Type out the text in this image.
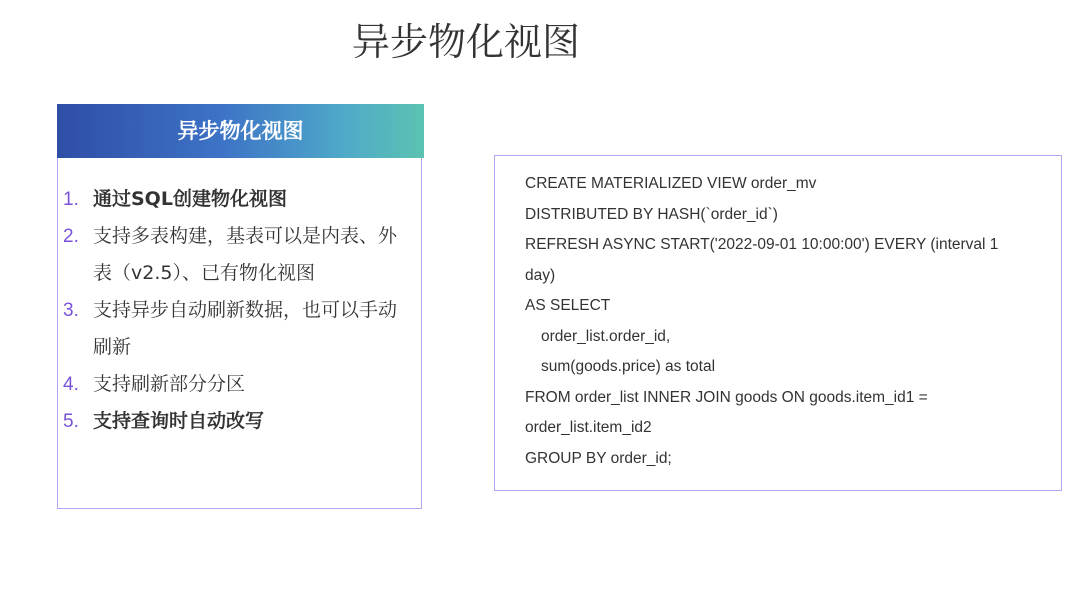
异步物化视图
异步物化视图
1. 通过SQL创建物化视图
2. 支持多表构建，基表可以是内表、外表（v2.5）、已有物化视图
3. 支持异步自动刷新数据，也可以手动刷新
4. 支持刷新部分分区
5. 支持查询时自动改写
CREATE MATERIALIZED VIEW order_mv
DISTRIBUTED BY HASH(`order_id`)
REFRESH ASYNC START('2022-09-01 10:00:00') EVERY (interval 1
day)
AS SELECT
order_list.order_id,
sum(goods.price) as total
FROM order_list INNER JOIN goods ON goods.item_id1 =
order_list.item_id2
GROUP BY order_id;
